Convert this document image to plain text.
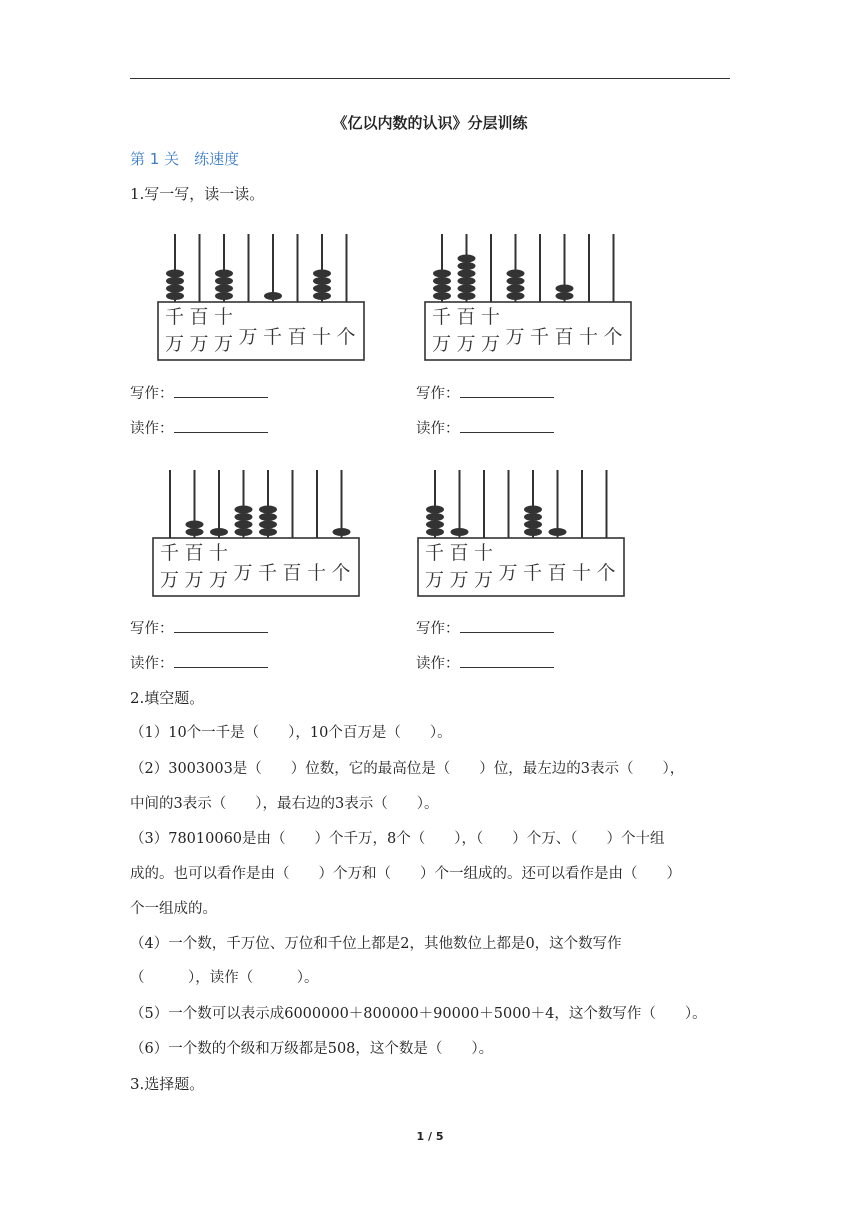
《亿以内数的认识》分层训练
第 1 关　练速度
1.写一写，读一读。
千 百 十
万 万 万 万 千 百 十 个
千 百 十
万 万 万 万 千 百 十 个
千 百 十
万 万 万 万 千 百 十 个
千 百 十
万 万 万 万 千 百 十 个
写作：
读作：
写作：
读作：
写作：
读作：
写作：
读作：
2.填空题。
（1）10个一千是（　　），10个百万是（　　）。
（2）3003003是（　　）位数，它的最高位是（　　）位，最左边的3表示（　　），
中间的3表示（　　），最右边的3表示（　　）。
（3）78010060是由（　　）个千万，8个（　　），（　　）个万、（　　）个十组
成的。也可以看作是由（　　）个万和（　　）个一组成的。还可以看作是由（　　）
个一组成的。
（4）一个数，千万位、万位和千位上都是2，其他数位上都是0，这个数写作
（　　　），读作（　　　）。
（5）一个数可以表示成6000000＋800000＋90000＋5000＋4，这个数写作（　　）。
（6）一个数的个级和万级都是508，这个数是（　　）。
3.选择题。
1 / 5
